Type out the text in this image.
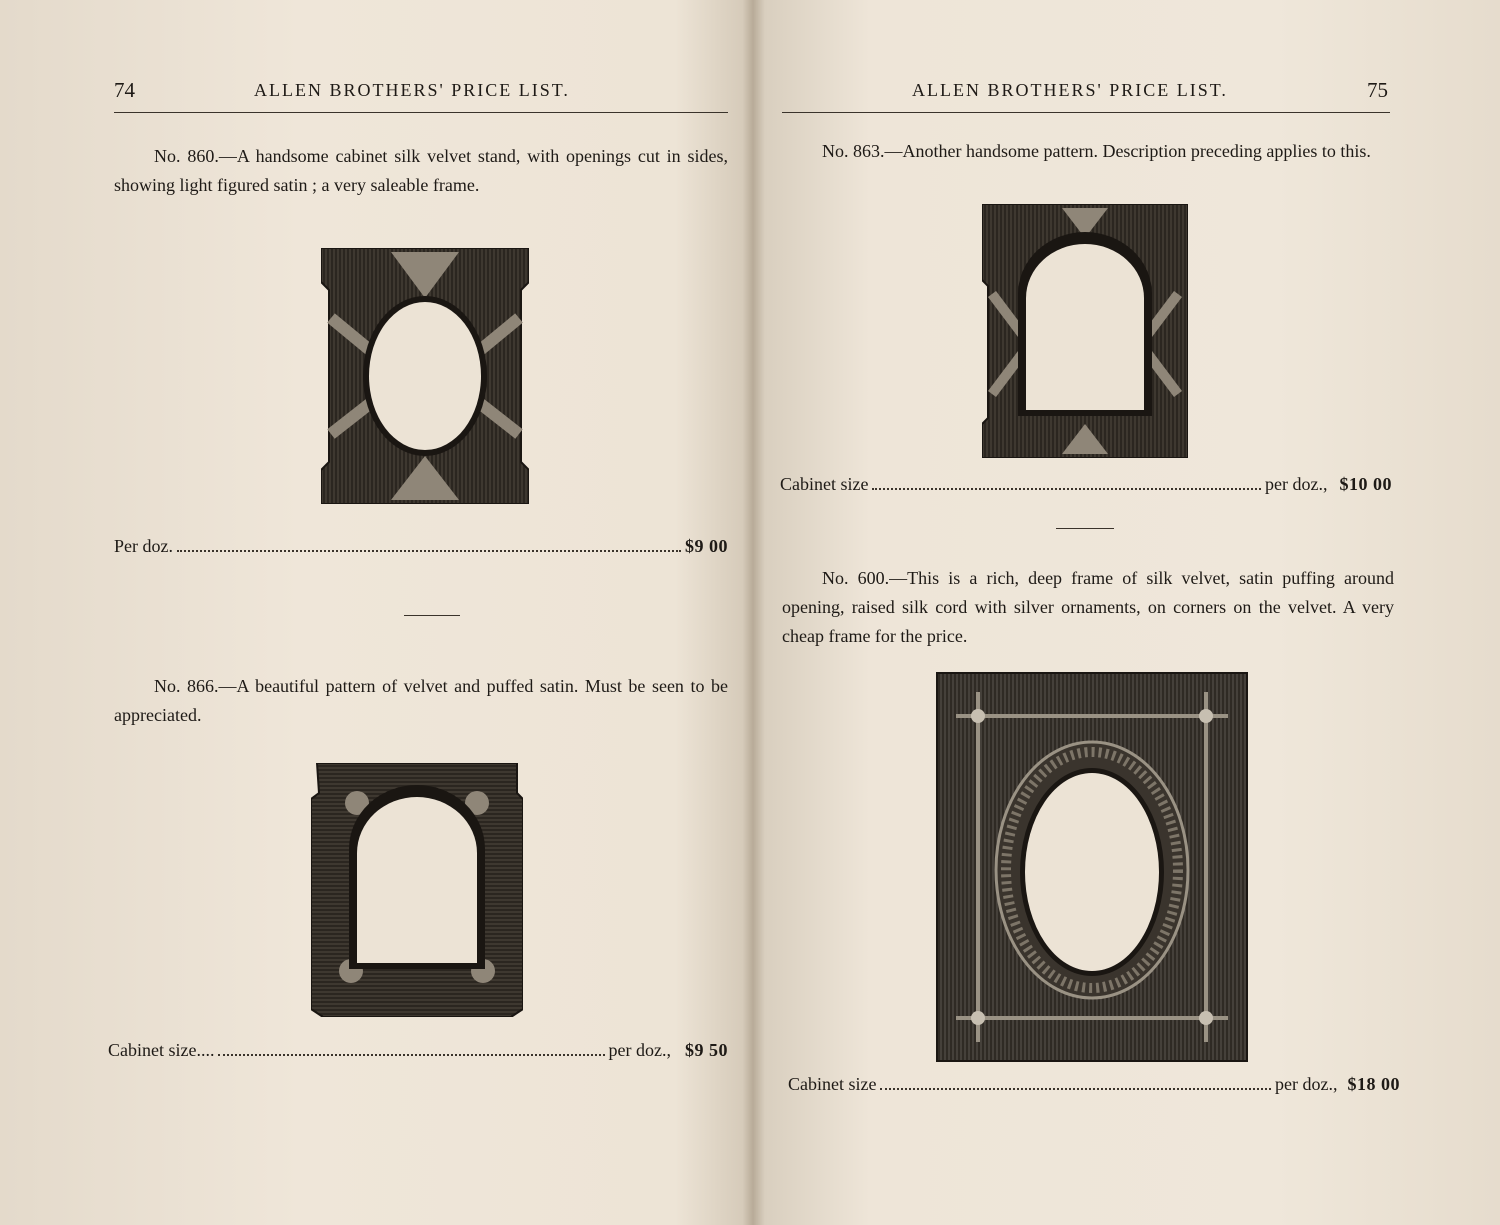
74	ALLEN BROTHERS' PRICE LIST.
No. 860.—A handsome cabinet silk velvet stand, with openings cut in sides, showing light figured satin ; a very saleable frame.
Per doz.	$9 00
No. 866.—A beautiful pattern of velvet and puffed satin. Must be seen to be appreciated.
Cabinet size....	per doz., $9 50
ALLEN BROTHERS' PRICE LIST.	75
No. 863.—Another handsome pattern. Description preceding applies to this.
Cabinet size	per doz., $10 00
No. 600.—This is a rich, deep frame of silk velvet, satin puffing around opening, raised silk cord with silver ornaments, on corners on the velvet. A very cheap frame for the price.
Cabinet size	per doz., $18 00
